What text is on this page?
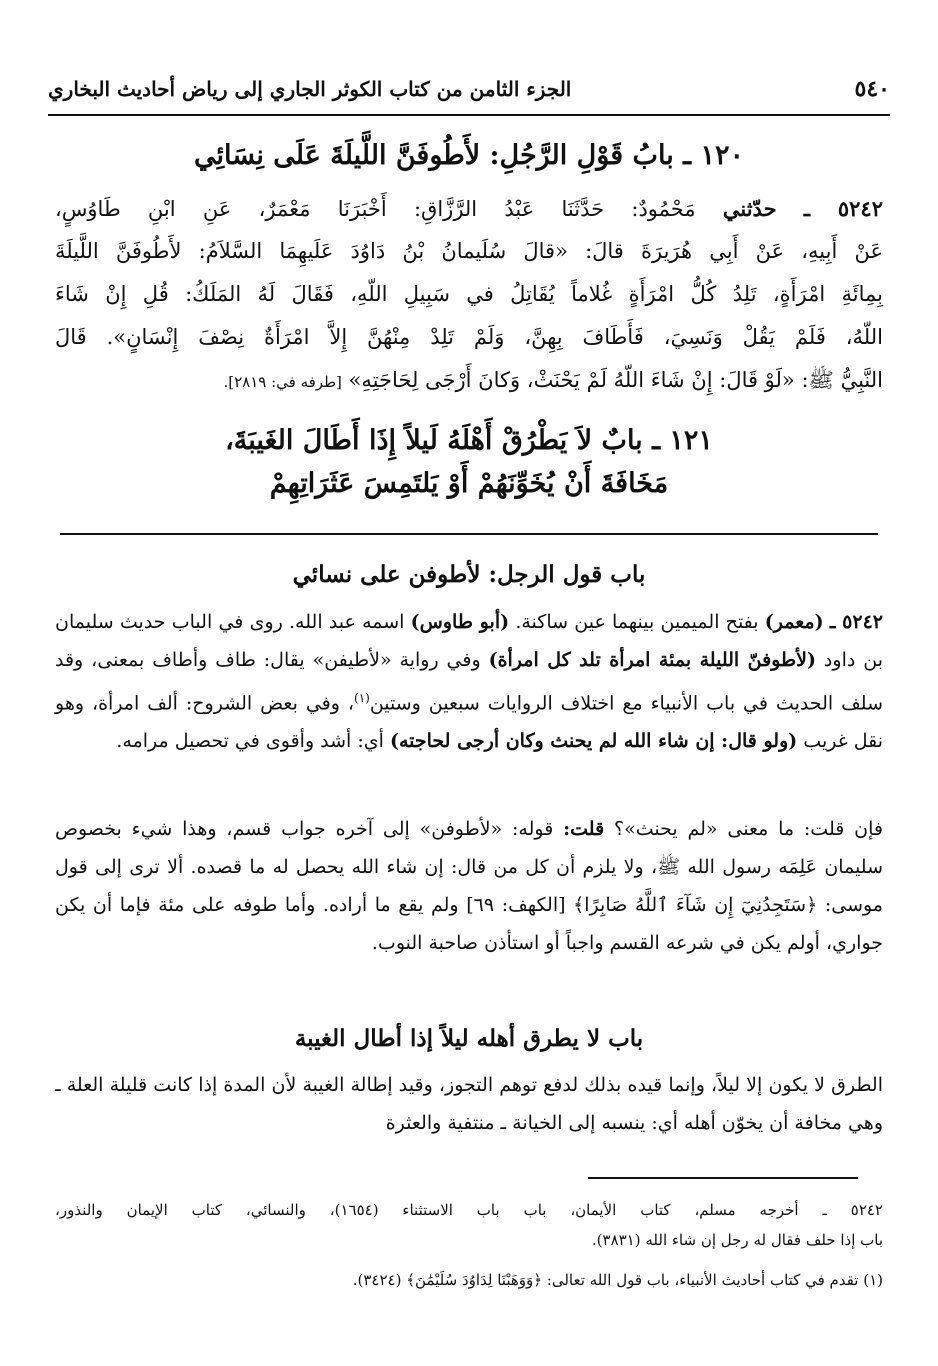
٥٤٠
الجزء الثامن من كتاب الكوثر الجاري إلى رياض أحاديث البخاري
١٢٠ ـ بابُ قَوْلِ الرَّجُلِ: لأَطُوفَنَّ اللَّيلَةَ عَلَى نِسَائِي
٥٢٤٢ ـ حدّثني مَحْمُودٌ: حَدَّثَنَا عَبْدُ الرَّزَّاقِ: أَخْبَرَنَا مَعْمَرٌ، عَنِ ابْنِ طَاوُسٍ،
عَنْ أَبِيهِ، عَنْ أَبِي هُرَيرَةَ قالَ: «قالَ سُلَيمانُ بْنُ دَاوُدَ عَلَيهِمَا السَّلاَمُ: لأَطُوفَنَّ اللَّيلَةَ
بِمِائَةِ امْرَأَةٍ، تَلِدُ كُلُّ امْرَأَةٍ غُلاماً يُقَاتِلُ في سَبِيلِ اللّهِ، فَقَالَ لَهُ المَلَكُ: قُلِ إِنْ شَاءَ
اللّهُ، فَلَمْ يَقُلْ وَنَسِيَ، فَأَطَافَ بِهِنَّ، وَلَمْ تَلِدْ مِنْهُنَّ إِلاَّ امْرَأَةٌ نِصْفَ إِنْسَانٍ». قَالَ
النَّبِيُّ ﷺ: «لَوْ قَالَ: إِنْ شَاءَ اللّهُ لَمْ يَحْنَثْ، وَكانَ أَرْجَى لِحَاجَتِهِ» [طرفه في: ٢٨١٩].
١٢١ ـ بابٌ لاَ يَطْرُقْ أَهْلَهُ لَيلاً إِذَا أَطَالَ الغَيبَةَ،
مَخَافَةَ أَنْ يُخَوِّنَهُمْ أَوْ يَلتَمِسَ عَثَرَاتِهِمْ
باب قول الرجل: لأطوفن على نسائي
٥٢٤٢ ـ (معمر) بفتح الميمين بينهما عين ساكنة. (أبو طاوس) اسمه عبد الله. روى في الباب حديث سليمان بن داود (لأطوفنّ الليلة بمئة امرأة تلد كل امرأة) وفي رواية «لأطيفن» يقال: طاف وأطاف بمعنى، وقد سلف الحديث في باب الأنبياء مع اختلاف الروايات سبعين وستين$^{(١)}$، وفي بعض الشروح: ألف امرأة، وهو نقل غريب (ولو قال: إن شاء الله لم يحنث وكان أرجى لحاجته) أي: أشد وأقوى في تحصيل مرامه.
فإن قلت: ما معنى «لم يحنث»؟ قلت: قوله: «لأطوفن» إلى آخره جواب قسم، وهذا شيء بخصوص سليمان عَلِمَه رسول الله ﷺ، ولا يلزم أن كل من قال: إن شاء الله يحصل له ما قصده. ألا ترى إلى قول موسى: ﴿سَتَجِدُنِيٓ إِن شَآءَ ٱللَّهُ صَابِرًا﴾ [الكهف: ٦٩] ولم يقع ما أراده. وأما طوفه على مئة فإما أن يكن جواري، أولم يكن في شرعه القسم واجباً أو استأذن صاحبة النوب.
باب لا يطرق أهله ليلاً إذا أطال الغيبة
الطرق لا يكون إلا ليلاً، وإنما قيده بذلك لدفع توهم التجوز، وقيد إطالة الغيبة لأن المدة إذا كانت قليلة العلة ـ وهي مخافة أن يخوّن أهله أي: ينسبه إلى الخيانة ـ منتفية والعثرة
٥٢٤٢ ـ أخرجه مسلم، كتاب الأيمان، باب باب الاستثناء (١٦٥٤)، والنسائي، كتاب الإيمان والنذور،
باب إذا حلف فقال له رجل إن شاء الله (٣٨٣١).
(١) تقدم في كتاب أحاديث الأنبياء، باب قول الله تعالى: ﴿وَوَهَبْنَا لِدَاوُدَ سُلَيْمَٰنَ﴾ (٣٤٢٤).
